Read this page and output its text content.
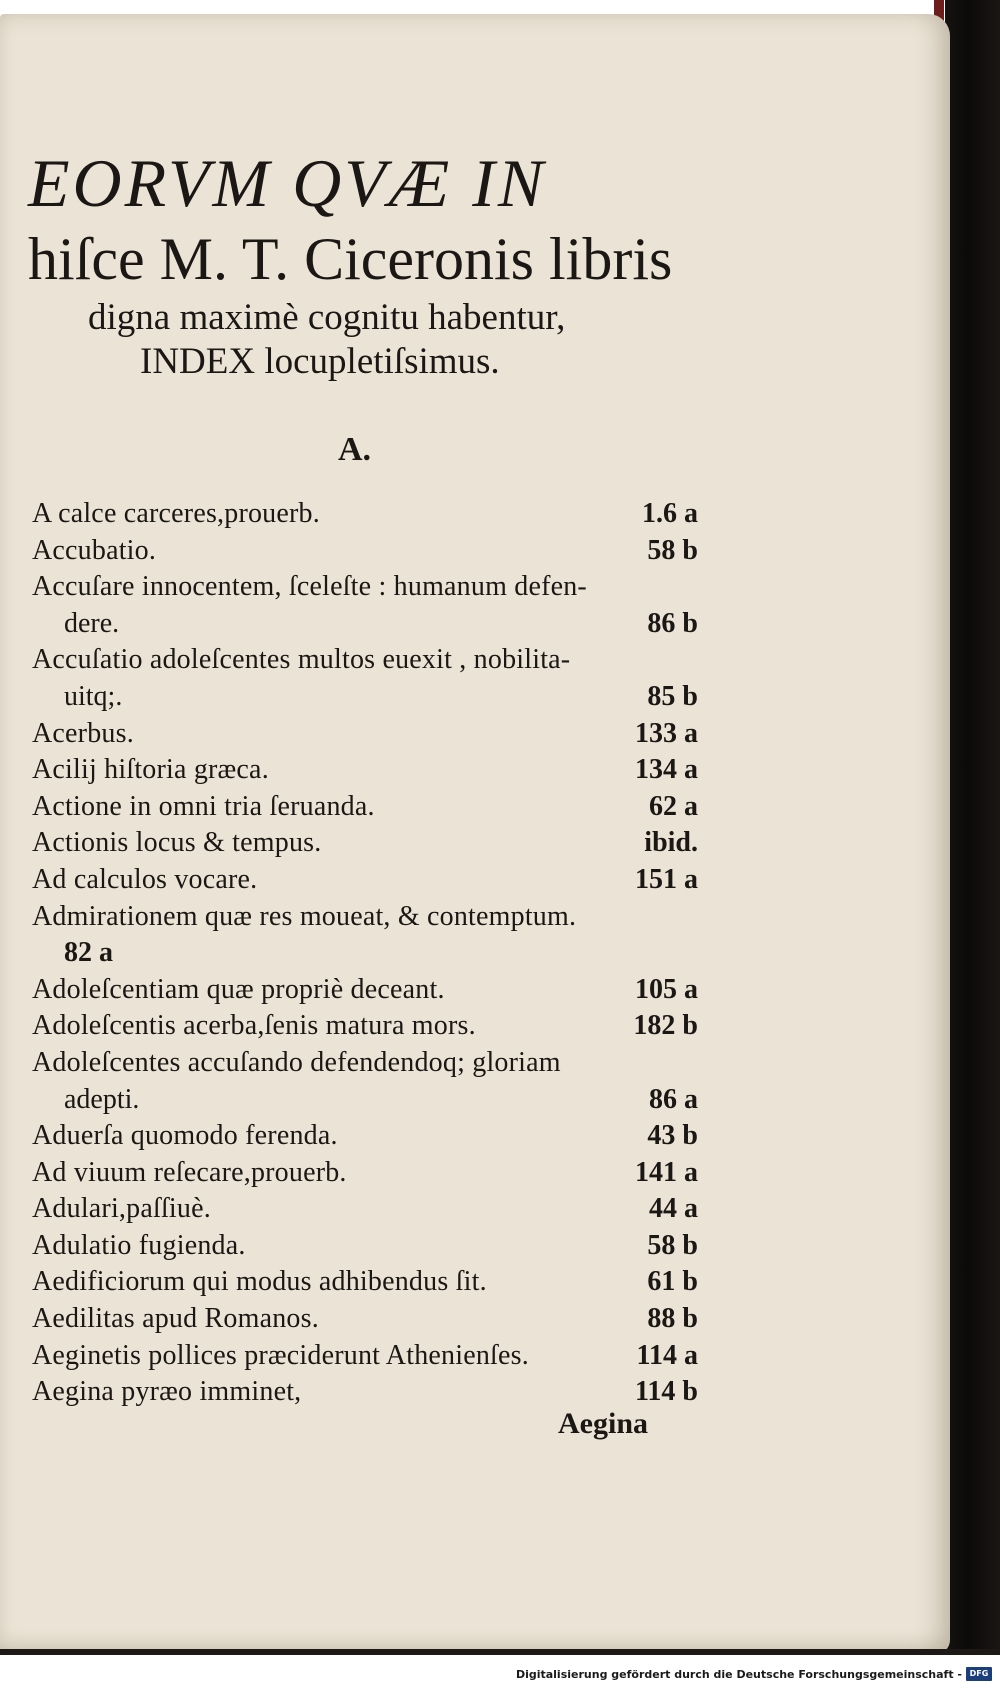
EORVM QVÆ IN
hiſce M. T. Ciceronis libris
digna maximè cognitu habentur,
INDEX locupletiſsimus.
A.
A calce carceres,prouerb.	1.6 a
Accubatio.	58 b
Accuſare innocentem, ſceleſte : humanum defen-
dere.	86 b
Accuſatio adoleſcentes multos euexit , nobilita-
uitq;.	85 b
Acerbus.	133 a
Acilij hiſtoria græca.	134 a
Actione in omni tria ſeruanda.	62 a
Actionis locus & tempus.	ibid.
Ad calculos vocare.	151 a
Admirationem quæ res moueat, & contemptum.
82 a
Adoleſcentiam quæ propriè deceant.	105 a
Adoleſcentis acerba,ſenis matura mors.	182 b
Adoleſcentes accuſando defendendoq; gloriam
adepti.	86 a
Aduerſa quomodo ferenda.	43 b
Ad viuum reſecare,prouerb.	141 a
Adulari,paſſiuè.	44 a
Adulatio fugienda.	58 b
Aedificiorum qui modus adhibendus ſit.	61 b
Aedilitas apud Romanos.	88 b
Aeginetis pollices præciderunt Athenienſes.	114 a
Aegina pyræo imminet,	114 b
Aegina
Digitalisierung gefördert durch die Deutsche Forschungsgemeinschaft - DFG
